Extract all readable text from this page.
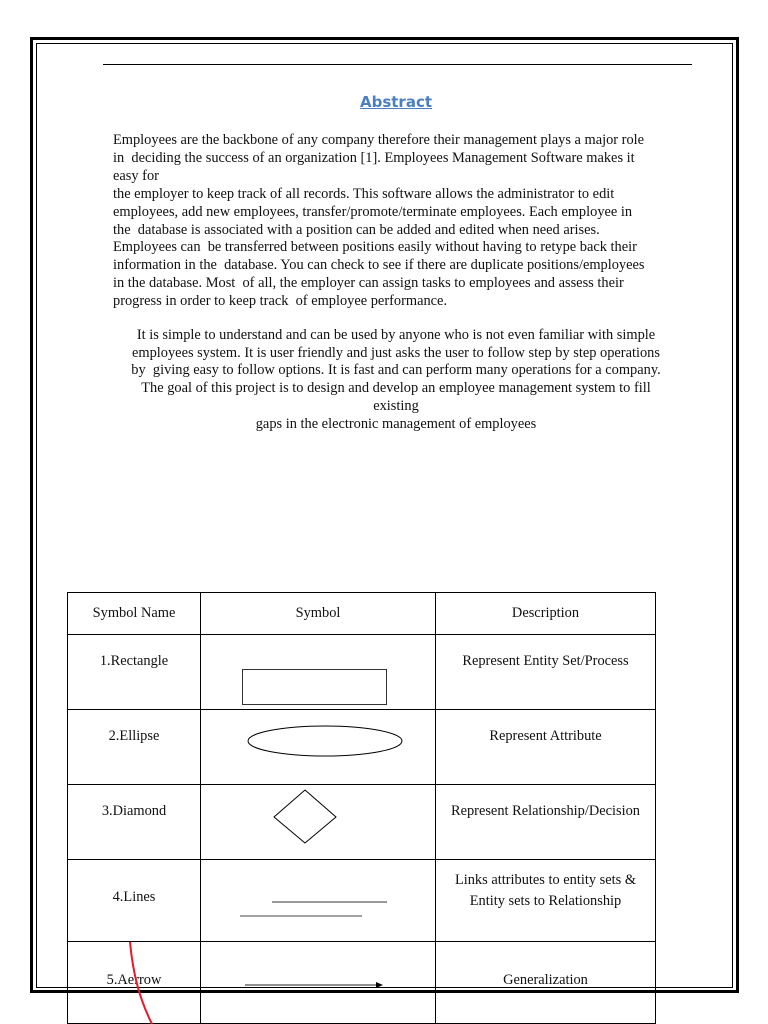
Abstract
Employees are the backbone of any company therefore their management plays a major role
in  deciding the success of an organization [1]. Employees Management Software makes it
easy for
the employer to keep track of all records. This software allows the administrator to edit
employees, add new employees, transfer/promote/terminate employees. Each employee in
the  database is associated with a position can be added and edited when need arises.
Employees can  be transferred between positions easily without having to retype back their
information in the  database. You can check to see if there are duplicate positions/employees
in the database. Most  of all, the employer can assign tasks to employees and assess their
progress in order to keep track  of employee performance.
It is simple to understand and can be used by anyone who is not even familiar with simple
employees system. It is user friendly and just asks the user to follow step by step operations
by  giving easy to follow options. It is fast and can perform many operations for a company.
The goal of this project is to design and develop an employee management system to fill
existing
gaps in the electronic management of employees
Symbol Name	Symbol	Description
1.Rectangle		Represent Entity Set/Process
2.Ellipse		Represent Attribute
3.Diamond		Represent Relationship/Decision
4.Lines		Links attributes to entity sets &
Entity sets to Relationship

5.Aerrow		Generalization
